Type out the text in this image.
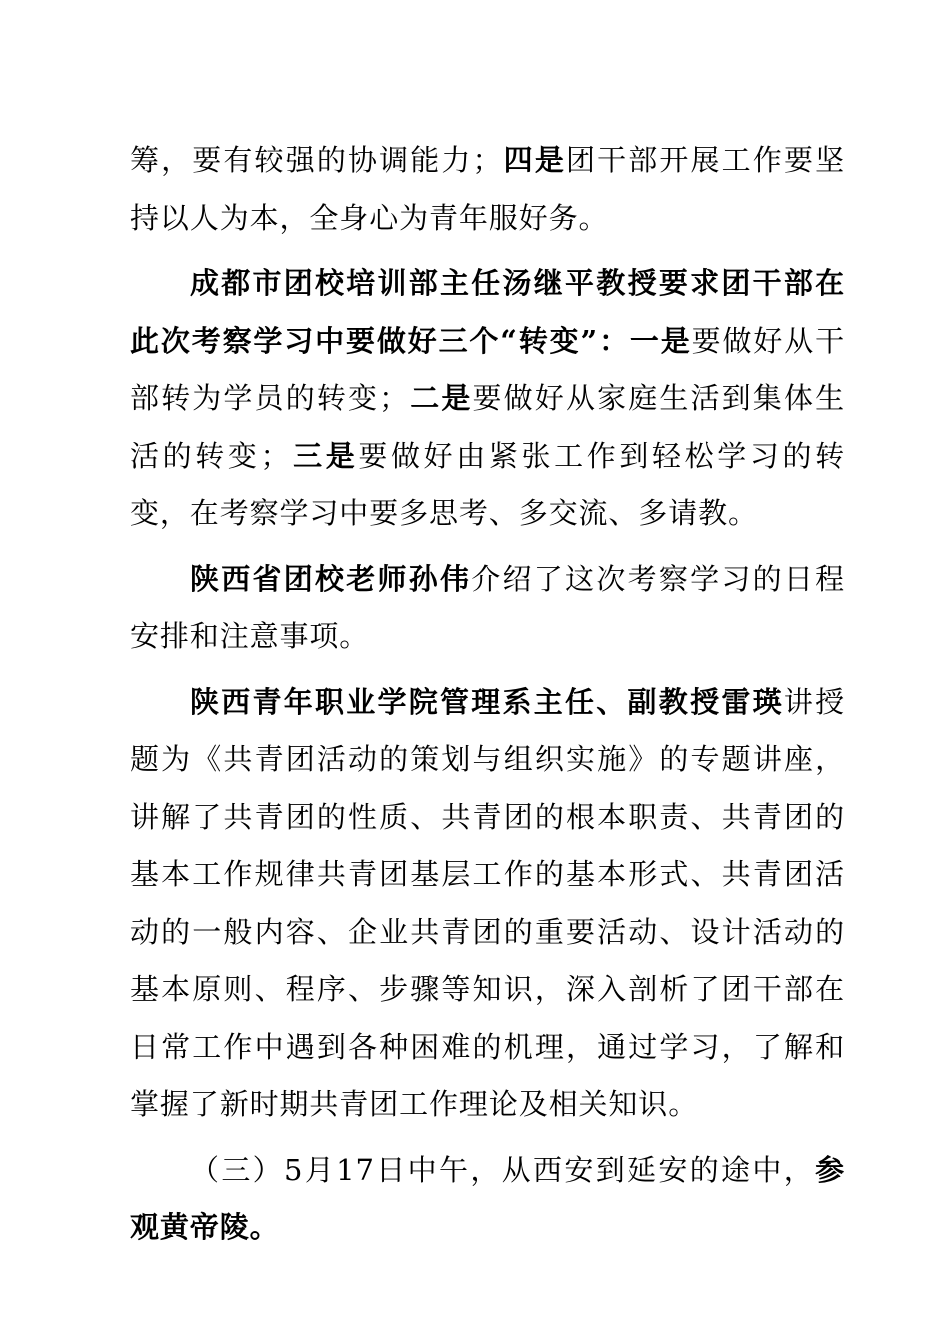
筹，要有较强的协调能力；四是团干部开展工作要坚持以人为本，全身心为青年服好务。

成都市团校培训部主任汤继平教授要求团干部在此次考察学习中要做好三个“转变”：一是要做好从干部转为学员的转变；二是要做好从家庭生活到集体生活的转变；三是要做好由紧张工作到轻松学习的转变，在考察学习中要多思考、多交流、多请教。

陕西省团校老师孙伟介绍了这次考察学习的日程安排和注意事项。

陕西青年职业学院管理系主任、副教授雷瑛讲授题为《共青团活动的策划与组织实施》的专题讲座，讲解了共青团的性质、共青团的根本职责、共青团的基本工作规律共青团基层工作的基本形式、共青团活动的一般内容、企业共青团的重要活动、设计活动的基本原则、程序、步骤等知识，深入剖析了团干部在日常工作中遇到各种困难的机理，通过学习，了解和掌握了新时期共青团工作理论及相关知识。

（三）5月17日中午，从西安到延安的途中，参观黄帝陵。
